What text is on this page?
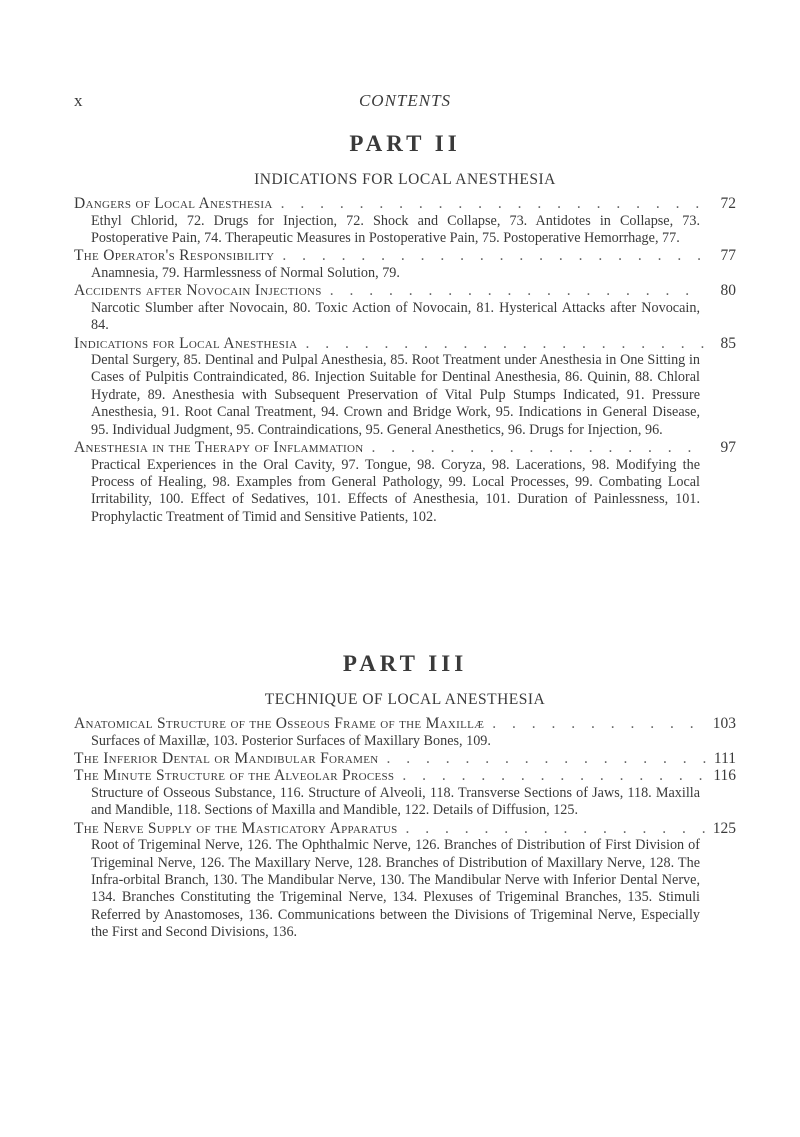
x	CONTENTS
PART II
INDICATIONS FOR LOCAL ANESTHESIA
Dangers of Local Anesthesia . . .	72

Ethyl Chlorid, 72. Drugs for Injection, 72. Shock and Collapse, 73. Antidotes in Collapse, 73. Postoperative Pain, 74. Therapeutic Measures in Postoperative Pain, 75. Postoperative Hemorrhage, 77.

The Operator's Responsibility . . .	77

Anamnesia, 79. Harmlessness of Normal Solution, 79.

Accidents after Novocain Injections . . .	80

Narcotic Slumber after Novocain, 80. Toxic Action of Novocain, 81. Hysterical Attacks after Novocain, 84.

Indications for Local Anesthesia . . .	85

Dental Surgery, 85. Dentinal and Pulpal Anesthesia, 85. Root Treatment under Anesthesia in One Sitting in Cases of Pulpitis Contraindicated, 86. Injection Suitable for Dentinal Anesthesia, 86. Quinin, 88. Chloral Hydrate, 89. Anesthesia with Subsequent Preservation of Vital Pulp Stumps Indicated, 91. Pressure Anesthesia, 91. Root Canal Treatment, 94. Crown and Bridge Work, 95. Indications in General Disease, 95. Individual Judgment, 95. Contraindications, 95. General Anesthetics, 96. Drugs for Injection, 96.

Anesthesia in the Therapy of Inflammation . . .	97

Practical Experiences in the Oral Cavity, 97. Tongue, 98. Coryza, 98. Lacerations, 98. Modifying the Process of Healing, 98. Examples from General Pathology, 99. Local Processes, 99. Combating Local Irritability, 100. Effect of Sedatives, 101. Effects of Anesthesia, 101. Duration of Painlessness, 101. Prophylactic Treatment of Timid and Sensitive Patients, 102.

PART III
TECHNIQUE OF LOCAL ANESTHESIA
Anatomical Structure of the Osseous Frame of the Maxillæ . . .	103

Surfaces of Maxillæ, 103. Posterior Surfaces of Maxillary Bones, 109.

The Inferior Dental or Mandibular Foramen . . .	111
The Minute Structure of the Alveolar Process . . .	116

Structure of Osseous Substance, 116. Structure of Alveoli, 118. Transverse Sections of Jaws, 118. Maxilla and Mandible, 118. Sections of Maxilla and Mandible, 122. Details of Diffusion, 125.

The Nerve Supply of the Masticatory Apparatus . . .	125

Root of Trigeminal Nerve, 126. The Ophthalmic Nerve, 126. Branches of Distribution of First Division of Trigeminal Nerve, 126. The Maxillary Nerve, 128. Branches of Distribution of Maxillary Nerve, 128. The Infra-orbital Branch, 130. The Mandibular Nerve, 130. The Mandibular Nerve with Inferior Dental Nerve, 134. Branches Constituting the Trigeminal Nerve, 134. Plexuses of Trigeminal Branches, 135. Stimuli Referred by Anastomoses, 136. Communications between the Divisions of Trigeminal Nerve, Especially the First and Second Divisions, 136.
